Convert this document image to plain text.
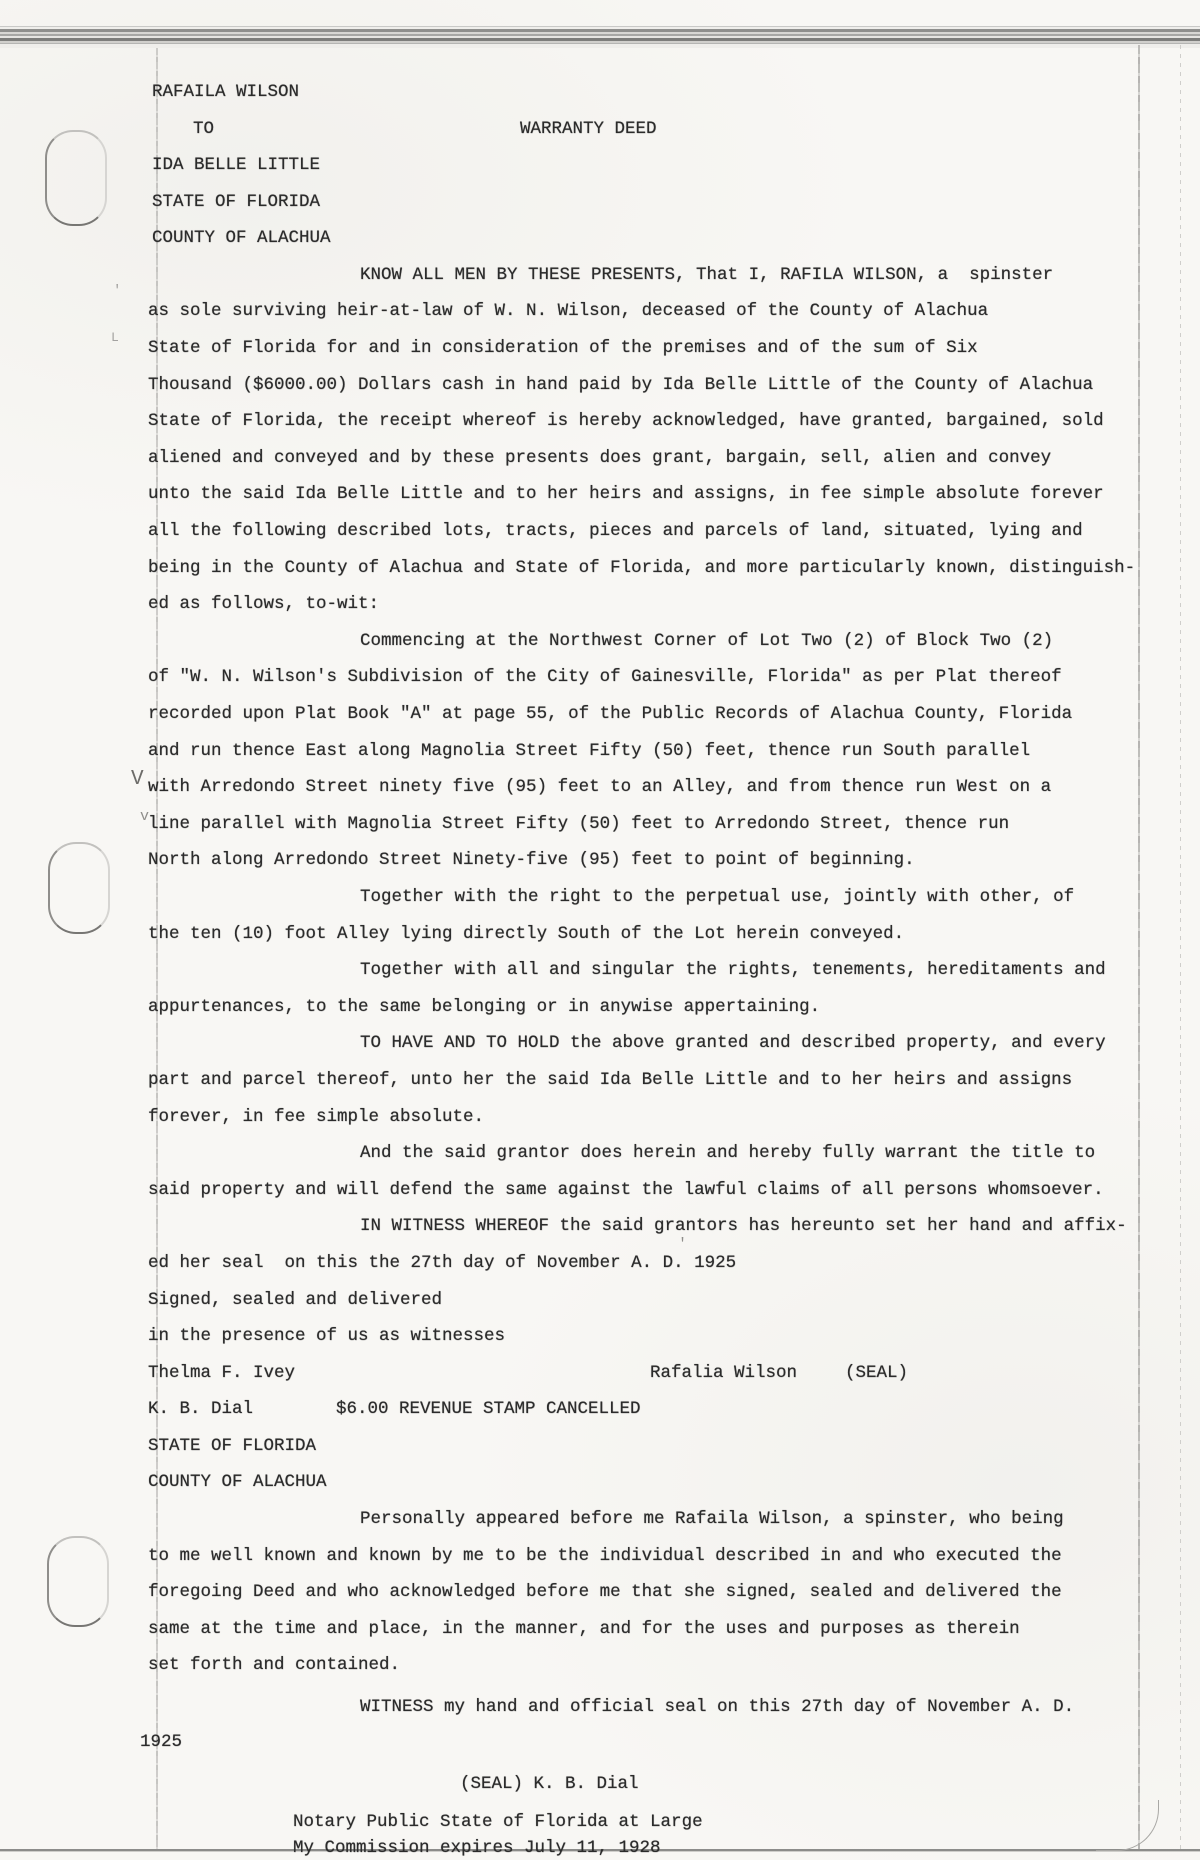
RAFAILA WILSON
TO	WARRANTY DEED
IDA BELLE LITTLE
STATE OF FLORIDA
COUNTY OF ALACHUA
KNOW ALL MEN BY THESE PRESENTS, That I, RAFILA WILSON, a  spinster
as sole surviving heir-at-law of W. N. Wilson, deceased of the County of Alachua
State of Florida for and in consideration of the premises and of the sum of Six
Thousand ($6000.00) Dollars cash in hand paid by Ida Belle Little of the County of Alachua
State of Florida, the receipt whereof is hereby acknowledged, have granted, bargained, sold
aliened and conveyed and by these presents does grant, bargain, sell, alien and convey
unto the said Ida Belle Little and to her heirs and assigns, in fee simple absolute forever
all the following described lots, tracts, pieces and parcels of land, situated, lying and
being in the County of Alachua and State of Florida, and more particularly known, distinguish-
ed as follows, to-wit:
Commencing at the Northwest Corner of Lot Two (2) of Block Two (2)
of "W. N. Wilson's Subdivision of the City of Gainesville, Florida" as per Plat thereof
recorded upon Plat Book "A" at page 55, of the Public Records of Alachua County, Florida
and run thence East along Magnolia Street Fifty (50) feet, thence run South parallel
with Arredondo Street ninety five (95) feet to an Alley, and from thence run West on a
line parallel with Magnolia Street Fifty (50) feet to Arredondo Street, thence run
North along Arredondo Street Ninety-five (95) feet to point of beginning.
Together with the right to the perpetual use, jointly with other, of
the ten (10) foot Alley lying directly South of the Lot herein conveyed.
Together with all and singular the rights, tenements, hereditaments and
appurtenances, to the same belonging or in anywise appertaining.
TO HAVE AND TO HOLD the above granted and described property, and every
part and parcel thereof, unto her the said Ida Belle Little and to her heirs and assigns
forever, in fee simple absolute.
And the said grantor does herein and hereby fully warrant the title to
said property and will defend the same against the lawful claims of all persons whomsoever.
IN WITNESS WHEREOF the said grantors has hereunto set her hand and affix-
ed her seal  on this the 27th day of November A. D. 1925
Signed, sealed and delivered
in the presence of us as witnesses
Thelma F. Ivey	Rafalia Wilson	(SEAL)
K. B. Dial	$6.00 REVENUE STAMP CANCELLED
STATE OF FLORIDA
COUNTY OF ALACHUA
Personally appeared before me Rafaila Wilson, a spinster, who being
to me well known and known by me to be the individual described in and who executed the
foregoing Deed and who acknowledged before me that she signed, sealed and delivered the
same at the time and place, in the manner, and for the uses and purposes as therein
set forth and contained.
WITNESS my hand and official seal on this 27th day of November A. D.
1925
(SEAL) K. B. Dial
Notary Public State of Florida at Large
My Commission expires July 11, 1928
V
v
'
L
'
